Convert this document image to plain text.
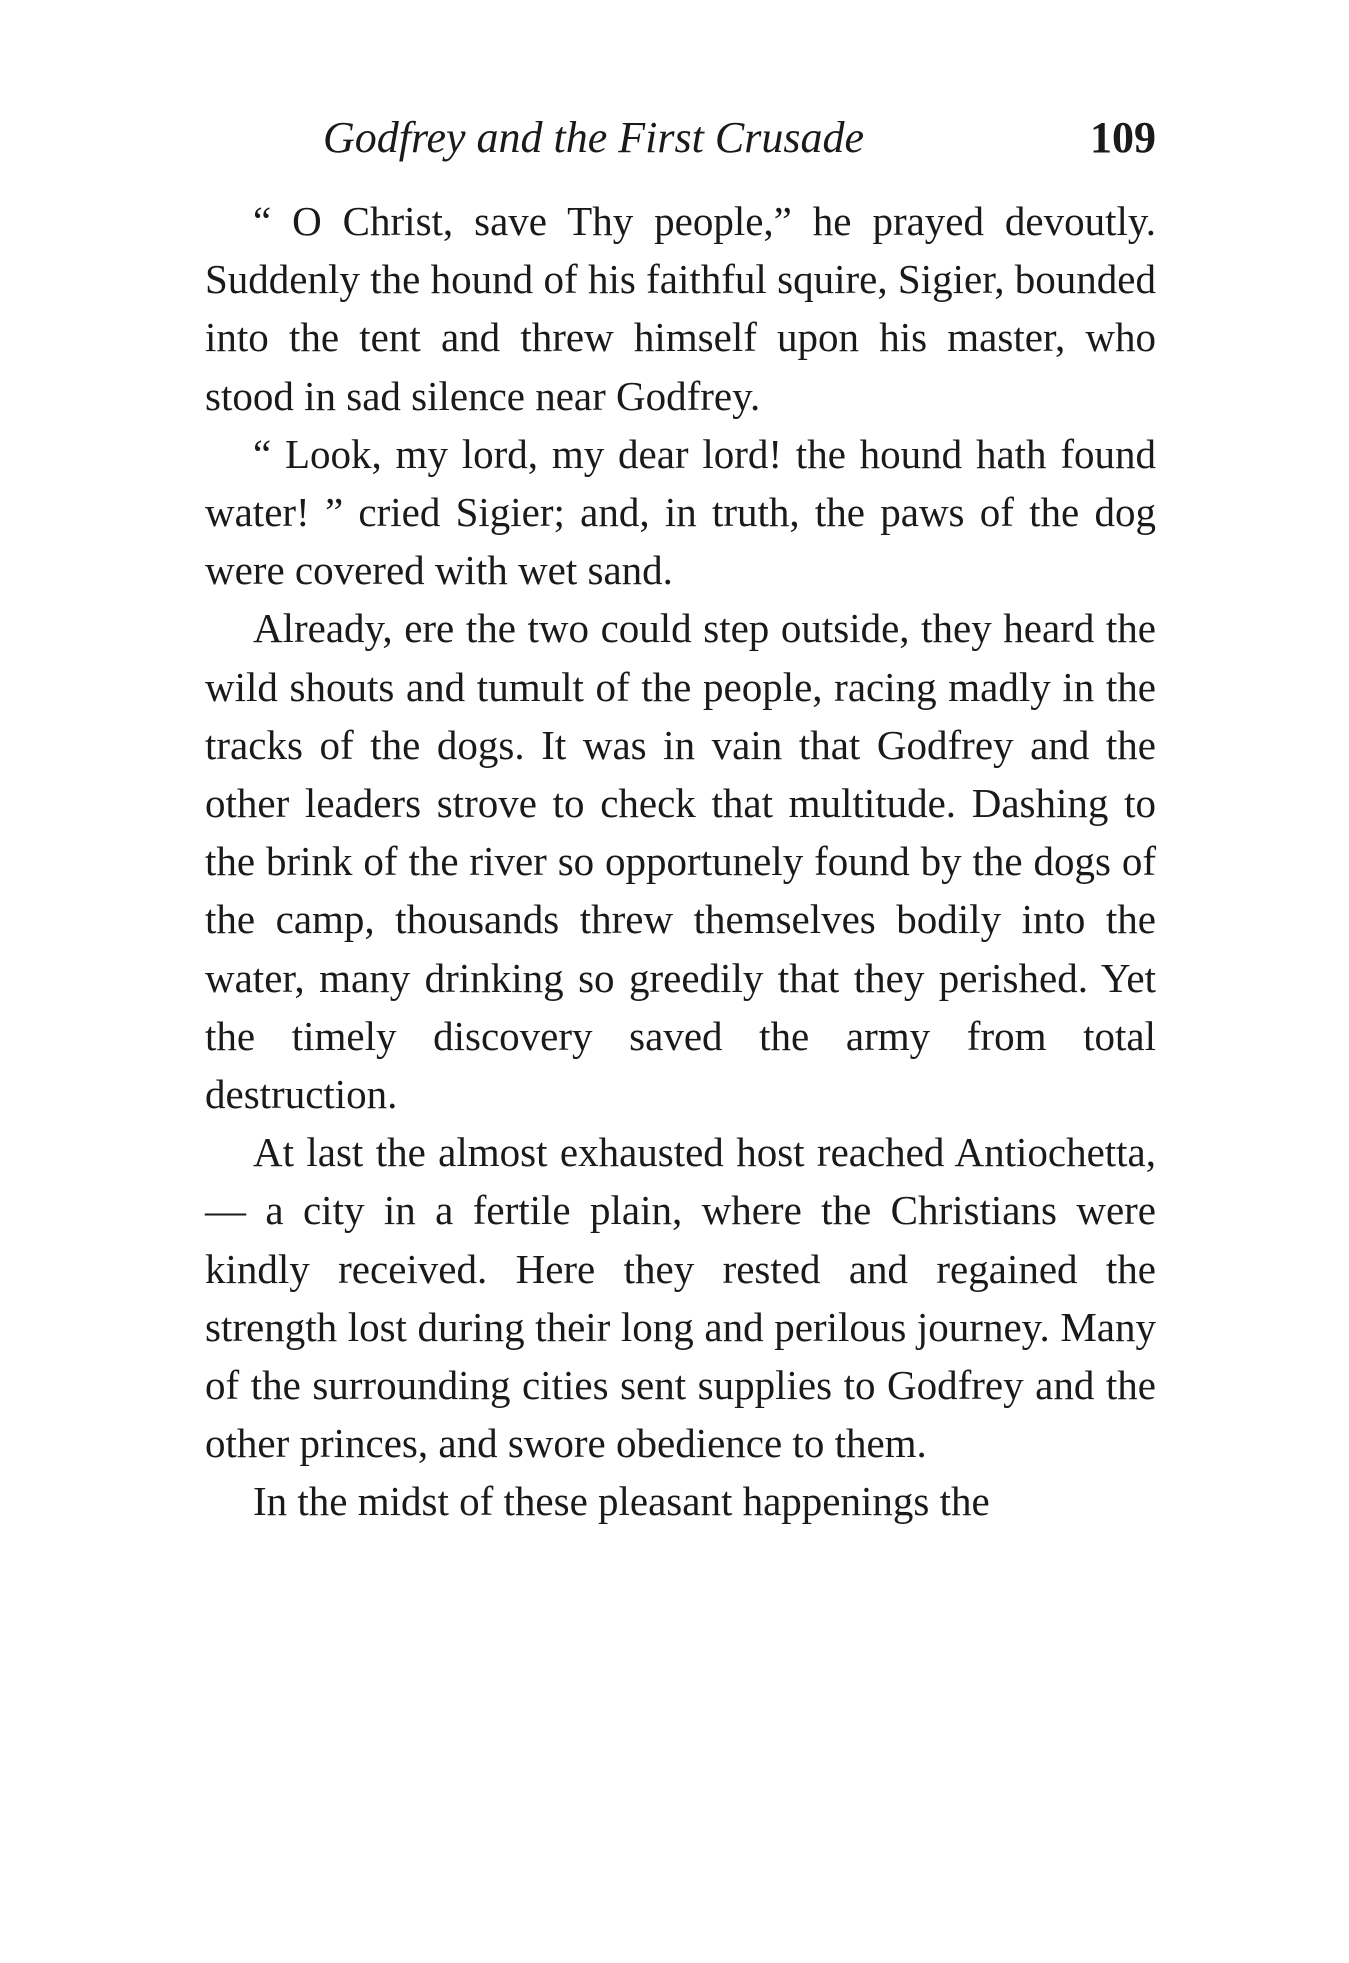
Godfrey and the First Crusade	109

“ O Christ, save Thy people,” he prayed devoutly. Suddenly the hound of his faithful squire, Sigier, bounded into the tent and threw himself upon his master, who stood in sad silence near Godfrey.

“ Look, my lord, my dear lord! the hound hath found water! ” cried Sigier; and, in truth, the paws of the dog were covered with wet sand.

Already, ere the two could step outside, they heard the wild shouts and tumult of the people, racing madly in the tracks of the dogs. It was in vain that Godfrey and the other leaders strove to check that multitude. Dashing to the brink of the river so opportunely found by the dogs of the camp, thousands threw themselves bodily into the water, many drinking so greedily that they perished. Yet the timely discovery saved the army from total destruction.

At last the almost exhausted host reached Antiochetta, — a city in a fertile plain, where the Christians were kindly received. Here they rested and regained the strength lost during their long and perilous journey. Many of the surrounding cities sent supplies to Godfrey and the other princes, and swore obedience to them.

In the midst of these pleasant happenings the
